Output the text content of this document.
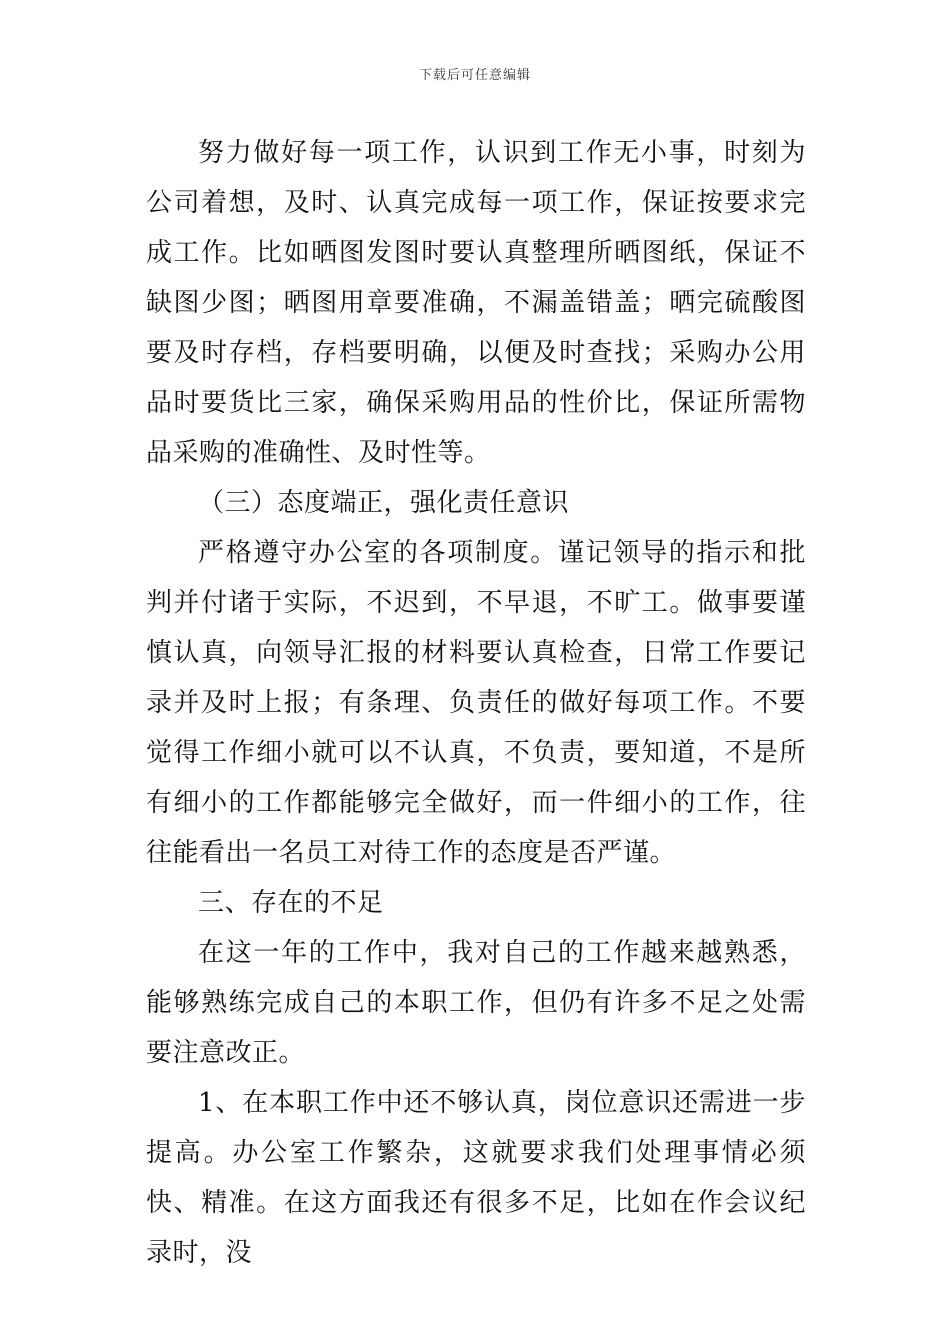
下载后可任意编辑

努力做好每一项工作，认识到工作无小事，时刻为公司着想，及时、认真完成每一项工作，保证按要求完成工作。比如晒图发图时要认真整理所晒图纸，保证不缺图少图；晒图用章要准确，不漏盖错盖；晒完硫酸图要及时存档，存档要明确，以便及时查找；采购办公用品时要货比三家，确保采购用品的性价比，保证所需物品采购的准确性、及时性等。

（三）态度端正，强化责任意识

严格遵守办公室的各项制度。谨记领导的指示和批判并付诸于实际，不迟到，不早退，不旷工。做事要谨慎认真，向领导汇报的材料要认真检查，日常工作要记录并及时上报；有条理、负责任的做好每项工作。不要觉得工作细小就可以不认真，不负责，要知道，不是所有细小的工作都能够完全做好，而一件细小的工作，往往能看出一名员工对待工作的态度是否严谨。

三、存在的不足

在这一年的工作中，我对自己的工作越来越熟悉，能够熟练完成自己的本职工作，但仍有许多不足之处需要注意改正。

1、在本职工作中还不够认真，岗位意识还需进一步提高。办公室工作繁杂，这就要求我们处理事情必须快、精准。在这方面我还有很多不足，比如在作会议纪录时，没
